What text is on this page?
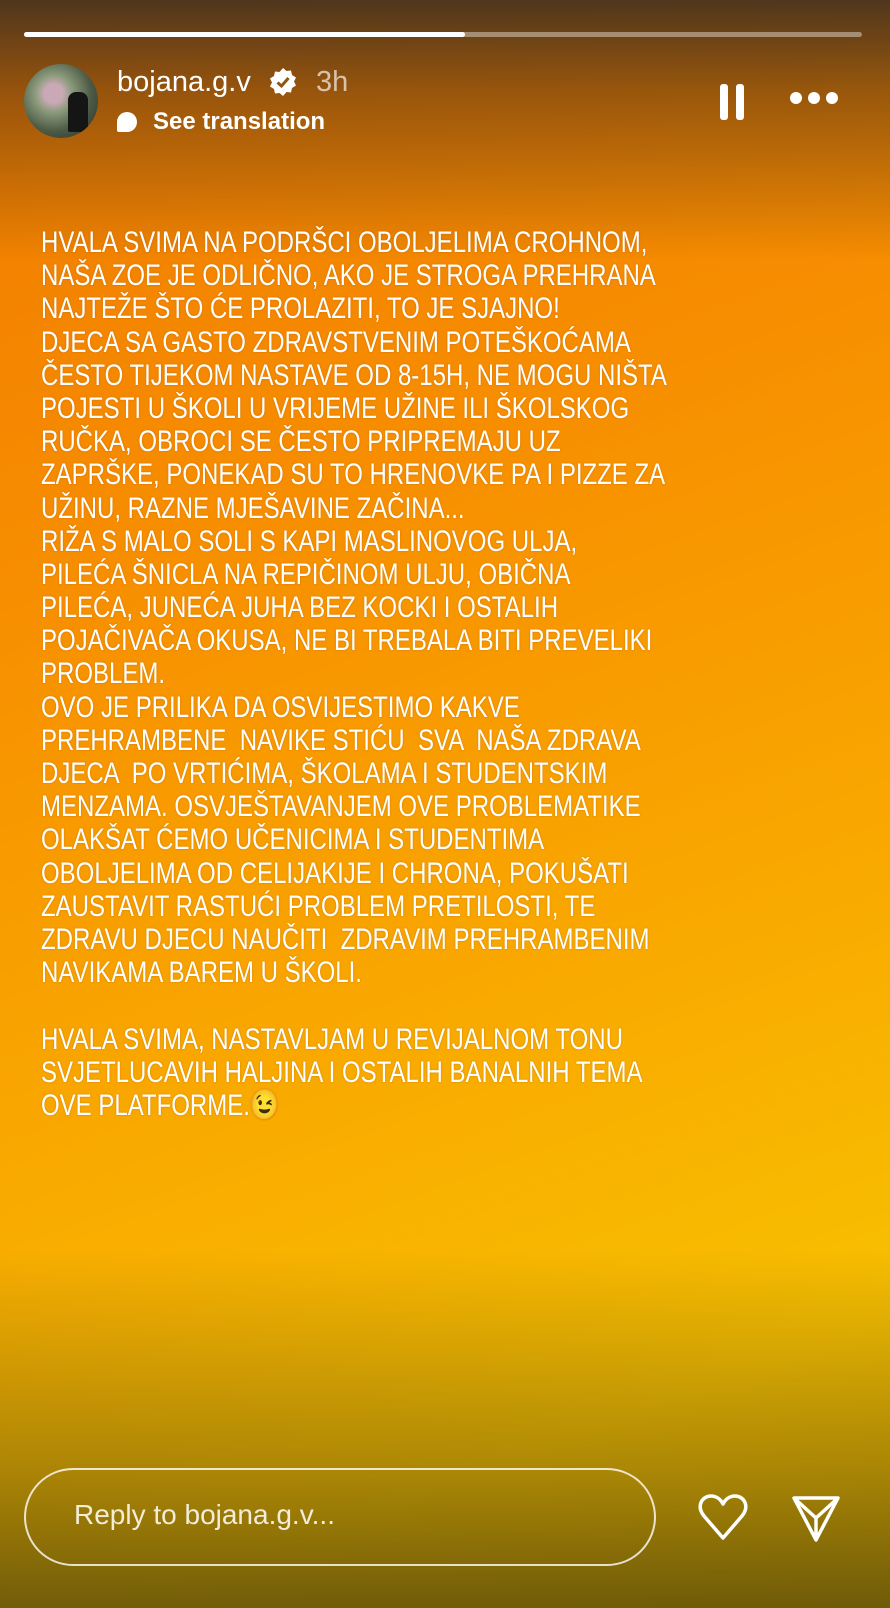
bojana.g.v 3h
See translation
HVALA SVIMA NA PODRŠCI OBOLJELIMA CROHNOM,
NAŠA ZOE JE ODLIČNO, AKO JE STROGA PREHRANA
NAJTEŽE ŠTO ĆE PROLAZITI, TO JE SJAJNO!
DJECA SA GASTO ZDRAVSTVENIM POTEŠKOĆAMA
ČESTO TIJEKOM NASTAVE OD 8-15H, NE MOGU NIŠTA
POJESTI U ŠKOLI U VRIJEME UŽINE ILI ŠKOLSKOG
RUČKA, OBROCI SE ČESTO PRIPREMAJU UZ
ZAPRŠKE, PONEKAD SU TO HRENOVKE PA I PIZZE ZA
UŽINU, RAZNE MJEŠAVINE ZAČINA...
RIŽA S MALO SOLI S KAPI MASLINOVOG ULJA,
PILEĆA ŠNICLA NA REPIČINOM ULJU, OBIČNA
PILEĆA, JUNEĆA JUHA BEZ KOCKI I OSTALIH
POJAČIVAČA OKUSA, NE BI TREBALA BITI PREVELIKI
PROBLEM.
OVO JE PRILIKA DA OSVIJESTIMO KAKVE
PREHRAMBENE  NAVIKE STIĆU  SVA  NAŠA ZDRAVA
DJECA  PO VRTIĆIMA, ŠKOLAMA I STUDENTSKIM
MENZAMA. OSVJEŠTAVANJEM OVE PROBLEMATIKE
OLAKŠAT ĆEMO UČENICIMA I STUDENTIMA
OBOLJELIMA OD CELIJAKIJE I CHRONA, POKUŠATI
ZAUSTAVIT RASTUĆI PROBLEM PRETILOSTI, TE
ZDRAVU DJECU NAUČITI  ZDRAVIM PREHRAMBENIM
NAVIKAMA BAREM U ŠKOLI.
HVALA SVIMA, NASTAVLJAM U REVIJALNOM TONU
SVJETLUCAVIH HALJINA I OSTALIH BANALNIH TEMA
OVE PLATFORME.😉
Reply to bojana.g.v...
